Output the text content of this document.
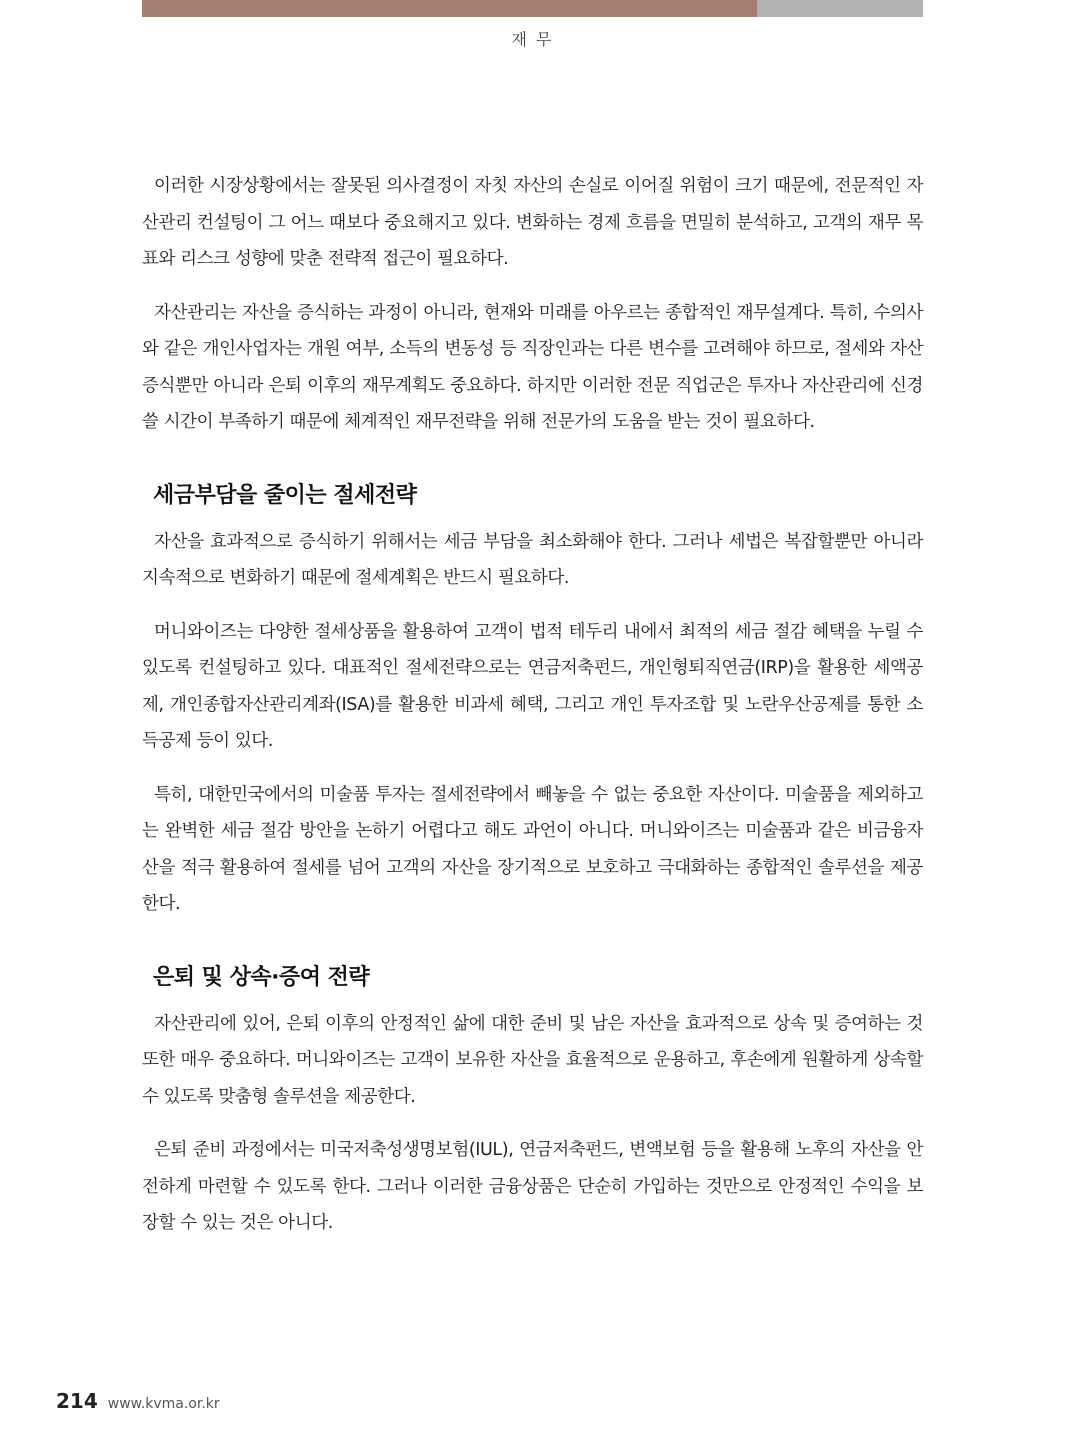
재 무

이러한 시장상황에서는 잘못된 의사결정이 자칫 자산의 손실로 이어질 위험이 크기 때문에, 전문적인 자산관리 컨설팅이 그 어느 때보다 중요해지고 있다. 변화하는 경제 흐름을 면밀히 분석하고, 고객의 재무 목표와 리스크 성향에 맞춘 전략적 접근이 필요하다.

자산관리는 자산을 증식하는 과정이 아니라, 현재와 미래를 아우르는 종합적인 재무설계다. 특히, 수의사와 같은 개인사업자는 개원 여부, 소득의 변동성 등 직장인과는 다른 변수를 고려해야 하므로, 절세와 자산 증식뿐만 아니라 은퇴 이후의 재무계획도 중요하다. 하지만 이러한 전문 직업군은 투자나 자산관리에 신경 쓸 시간이 부족하기 때문에 체계적인 재무전략을 위해 전문가의 도움을 받는 것이 필요하다.

세금부담을 줄이는 절세전략

자산을 효과적으로 증식하기 위해서는 세금 부담을 최소화해야 한다. 그러나 세법은 복잡할뿐만 아니라 지속적으로 변화하기 때문에 절세계획은 반드시 필요하다.

머니와이즈는 다양한 절세상품을 활용하여 고객이 법적 테두리 내에서 최적의 세금 절감 혜택을 누릴 수 있도록 컨설팅하고 있다. 대표적인 절세전략으로는 연금저축펀드, 개인형퇴직연금(IRP)을 활용한 세액공제, 개인종합자산관리계좌(ISA)를 활용한 비과세 혜택, 그리고 개인 투자조합 및 노란우산공제를 통한 소득공제 등이 있다.

특히, 대한민국에서의 미술품 투자는 절세전략에서 빼놓을 수 없는 중요한 자산이다. 미술품을 제외하고는 완벽한 세금 절감 방안을 논하기 어렵다고 해도 과언이 아니다. 머니와이즈는 미술품과 같은 비금융자산을 적극 활용하여 절세를 넘어 고객의 자산을 장기적으로 보호하고 극대화하는 종합적인 솔루션을 제공한다.

은퇴 및 상속·증여 전략

자산관리에 있어, 은퇴 이후의 안정적인 삶에 대한 준비 및 남은 자산을 효과적으로 상속 및 증여하는 것 또한 매우 중요하다. 머니와이즈는 고객이 보유한 자산을 효율적으로 운용하고, 후손에게 원활하게 상속할 수 있도록 맞춤형 솔루션을 제공한다.

은퇴 준비 과정에서는 미국저축성생명보험(IUL), 연금저축펀드, 변액보험 등을 활용해 노후의 자산을 안전하게 마련할 수 있도록 한다. 그러나 이러한 금융상품은 단순히 가입하는 것만으로 안정적인 수익을 보장할 수 있는 것은 아니다.

214 www.kvma.or.kr
